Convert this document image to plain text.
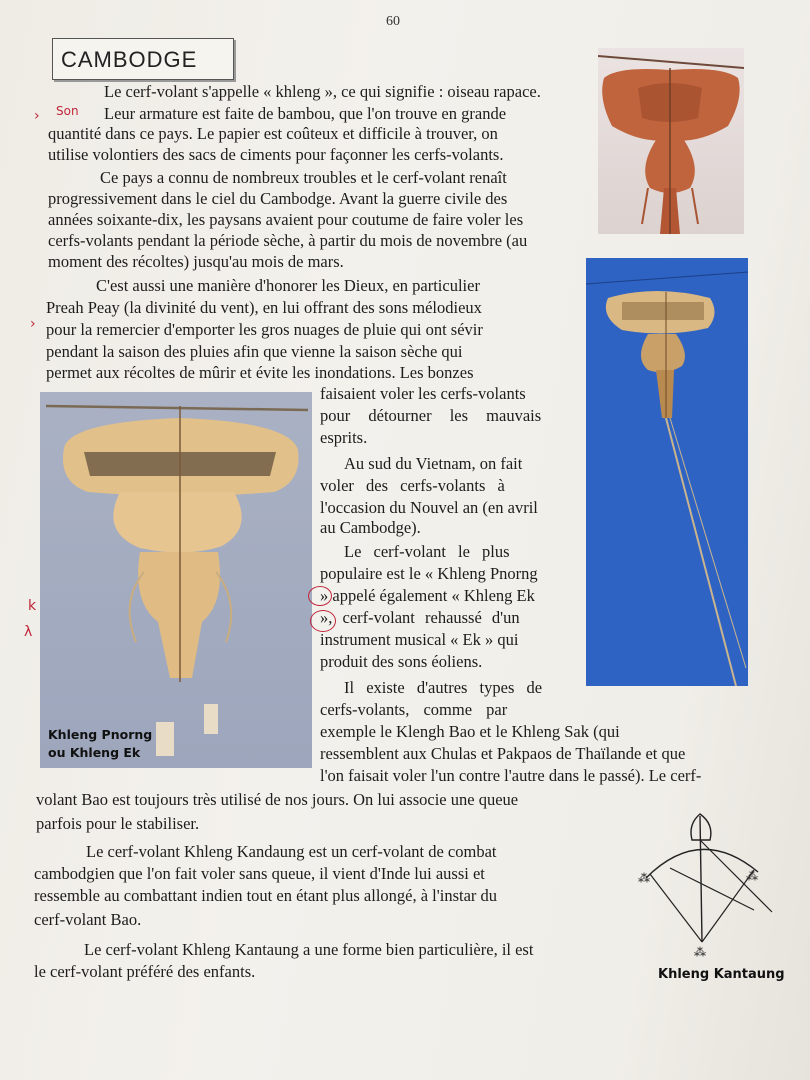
60
CAMBODGE
Khleng Pnorng
ou Khleng Ek
⁂	⁂
⁂
Khleng Kantaung
Son
›
›
k
λ
Le cerf-volant s'appelle « khleng », ce qui signifie : oiseau rapace.
Leur armature est faite de bambou, que l'on trouve en grande
quantité dans ce pays. Le papier est coûteux et difficile à trouver, on
utilise volontiers des sacs de ciments pour façonner les cerfs-volants.
Ce pays a connu de nombreux troubles et le cerf-volant renaît
progressivement dans le ciel du Cambodge. Avant la guerre civile des
années soixante-dix, les paysans avaient pour coutume de faire voler les
cerfs-volants pendant la période sèche, à partir du mois de novembre (au
moment des récoltes) jusqu'au mois de mars.
C'est aussi une manière d'honorer les Dieux, en particulier
Preah Peay (la divinité du vent), en lui offrant des sons mélodieux
pour la remercier d'emporter les gros nuages de pluie qui ont sévir
pendant la saison des pluies afin que vienne la saison sèche qui
permet aux récoltes de mûrir et évite les inondations. Les bonzes
faisaient voler les cerfs-volants
pour détourner les mauvais
esprits.
Au sud du Vietnam, on fait
voler des cerfs-volants à
l'occasion du Nouvel an (en avril
au Cambodge).
Le cerf-volant le plus
populaire est le « Khleng Pnorng
» appelé également « Khleng Ek
», cerf-volant rehaussé d'un
instrument musical « Ek » qui
produit des sons éoliens.
Il existe d'autres types de
cerfs-volants, comme par
exemple le Klengh Bao et le Khleng Sak (qui
ressemblent aux Chulas et Pakpaos de Thaïlande et que
l'on faisait voler l'un contre l'autre dans le passé). Le cerf-
volant Bao est toujours très utilisé de nos jours. On lui associe une queue
parfois pour le stabiliser.
Le cerf-volant Khleng Kandaung est un cerf-volant de combat
cambodgien que l'on fait voler sans queue, il vient d'Inde lui aussi et
ressemble au combattant indien tout en étant plus allongé, à l'instar du
cerf-volant Bao.
Le cerf-volant Khleng Kantaung a une forme bien particulière, il est
le cerf-volant préféré des enfants.
